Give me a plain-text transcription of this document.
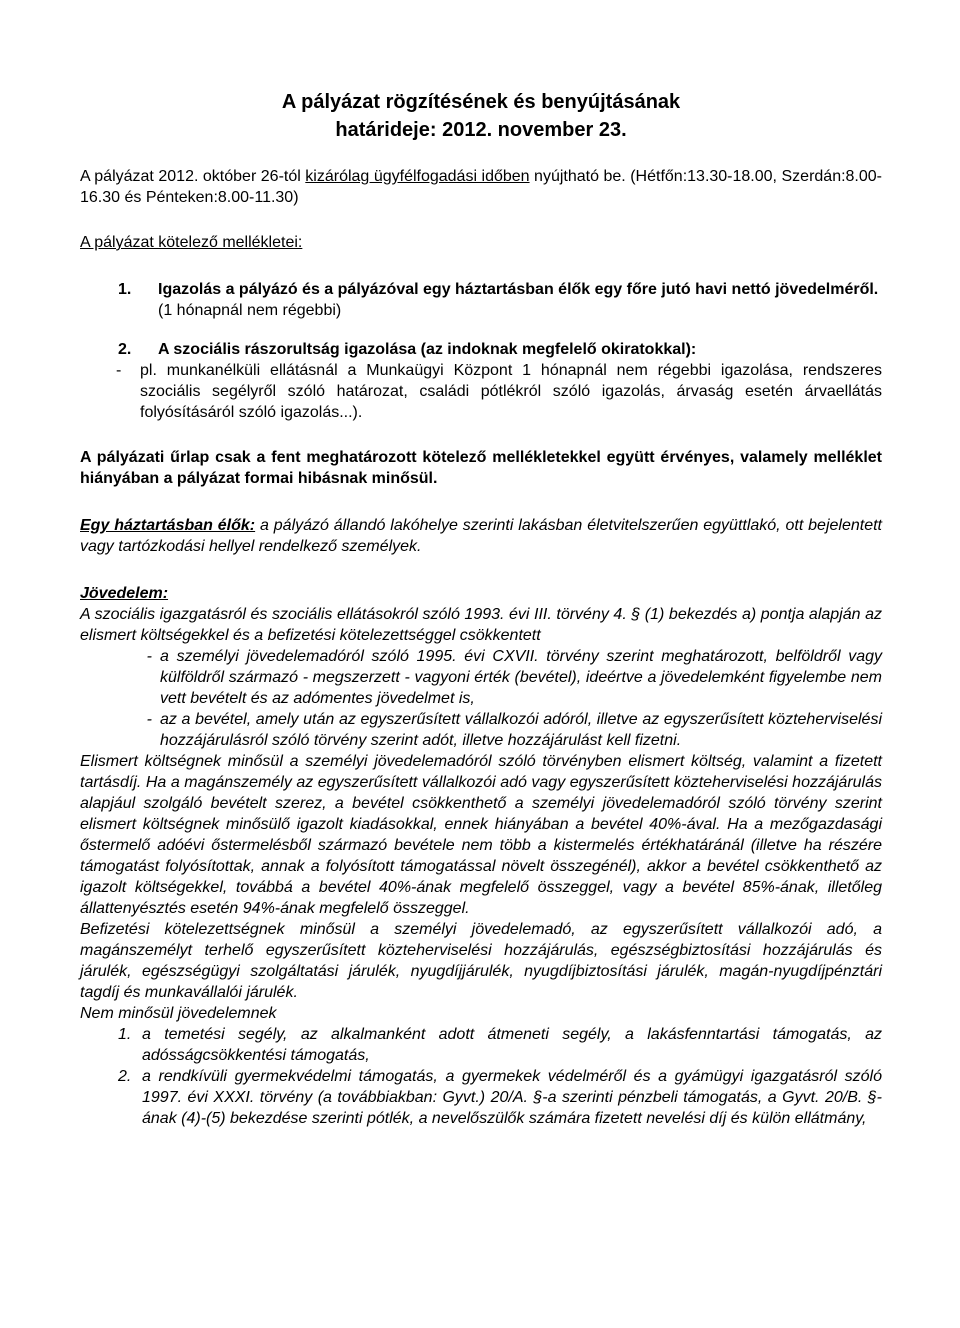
A pályázat rögzítésének és benyújtásának
határideje: 2012. november 23.

A pályázat 2012. október 26-tól kizárólag ügyfélfogadási időben nyújtható be. (Hétfőn:13.30-18.00, Szerdán:8.00-16.30 és Pénteken:8.00-11.30)

A pályázat kötelező mellékletei:

1.	Igazolás a pályázó és a pályázóval egy háztartásban élők egy főre jutó havi nettó jövedelméről. (1 hónapnál nem régebbi)
2.	A szociális rászorultság igazolása (az indoknak megfelelő okiratokkal):
-	pl. munkanélküli ellátásnál a Munkaügyi Központ 1 hónapnál nem régebbi igazolása, rendszeres szociális segélyről szóló határozat, családi pótlékról szóló igazolás, árvaság esetén árvaellátás folyósításáról szóló igazolás...).

A pályázati űrlap csak a fent meghatározott kötelező mellékletekkel együtt érvényes, valamely melléklet hiányában a pályázat formai hibásnak minősül.

Egy háztartásban élők: a pályázó állandó lakóhelye szerinti lakásban életvitelszerűen együttlakó, ott bejelentett vagy tartózkodási hellyel rendelkező személyek.

Jövedelem:

A szociális igazgatásról és szociális ellátásokról szóló 1993. évi III. törvény 4. § (1) bekezdés a) pontja alapján az elismert költségekkel és a befizetési kötelezettséggel csökkentett

- a személyi jövedelemadóról szóló 1995. évi CXVII. törvény szerint meghatározott, belföldről vagy külföldről származó - megszerzett - vagyoni érték (bevétel), ideértve a jövedelemként figyelembe nem vett bevételt és az adómentes jövedelmet is,
- az a bevétel, amely után az egyszerűsített vállalkozói adóról, illetve az egyszerűsített közteherviselési hozzájárulásról szóló törvény szerint adót, illetve hozzájárulást kell fizetni.

Elismert költségnek minősül a személyi jövedelemadóról szóló törvényben elismert költség, valamint a fizetett tartásdíj. Ha a magánszemély az egyszerűsített vállalkozói adó vagy egyszerűsített közteherviselési hozzájárulás alapjául szolgáló bevételt szerez, a bevétel csökkenthető a személyi jövedelemadóról szóló törvény szerint elismert költségnek minősülő igazolt kiadásokkal, ennek hiányában a bevétel 40%-ával. Ha a mezőgazdasági őstermelő adóévi őstermelésből származó bevétele nem több a kistermelés értékhatáránál (illetve ha részére támogatást folyósítottak, annak a folyósított támogatással növelt összegénél), akkor a bevétel csökkenthető az igazolt költségekkel, továbbá a bevétel 40%-ának megfelelő összeggel, vagy a bevétel 85%-ának, illetőleg állattenyésztés esetén 94%-ának megfelelő összeggel.

Befizetési kötelezettségnek minősül a személyi jövedelemadó, az egyszerűsített vállalkozói adó, a magánszemélyt terhelő egyszerűsített közteherviselési hozzájárulás, egészségbiztosítási hozzájárulás és járulék, egészségügyi szolgáltatási járulék, nyugdíjjárulék, nyugdíjbiztosítási járulék, magán-nyugdíjpénztári tagdíj és munkavállalói járulék.

Nem minősül jövedelemnek

1. a temetési segély, az alkalmanként adott átmeneti segély, a lakásfenntartási támogatás, az adósságcsökkentési támogatás,
2. a rendkívüli gyermekvédelmi támogatás, a gyermekek védelméről és a gyámügyi igazgatásról szóló 1997. évi XXXI. törvény (a továbbiakban: Gyvt.) 20/A. §-a szerinti pénzbeli támogatás, a Gyvt. 20/B. §-ának (4)-(5) bekezdése szerinti pótlék, a nevelőszülők számára fizetett nevelési díj és külön ellátmány,
